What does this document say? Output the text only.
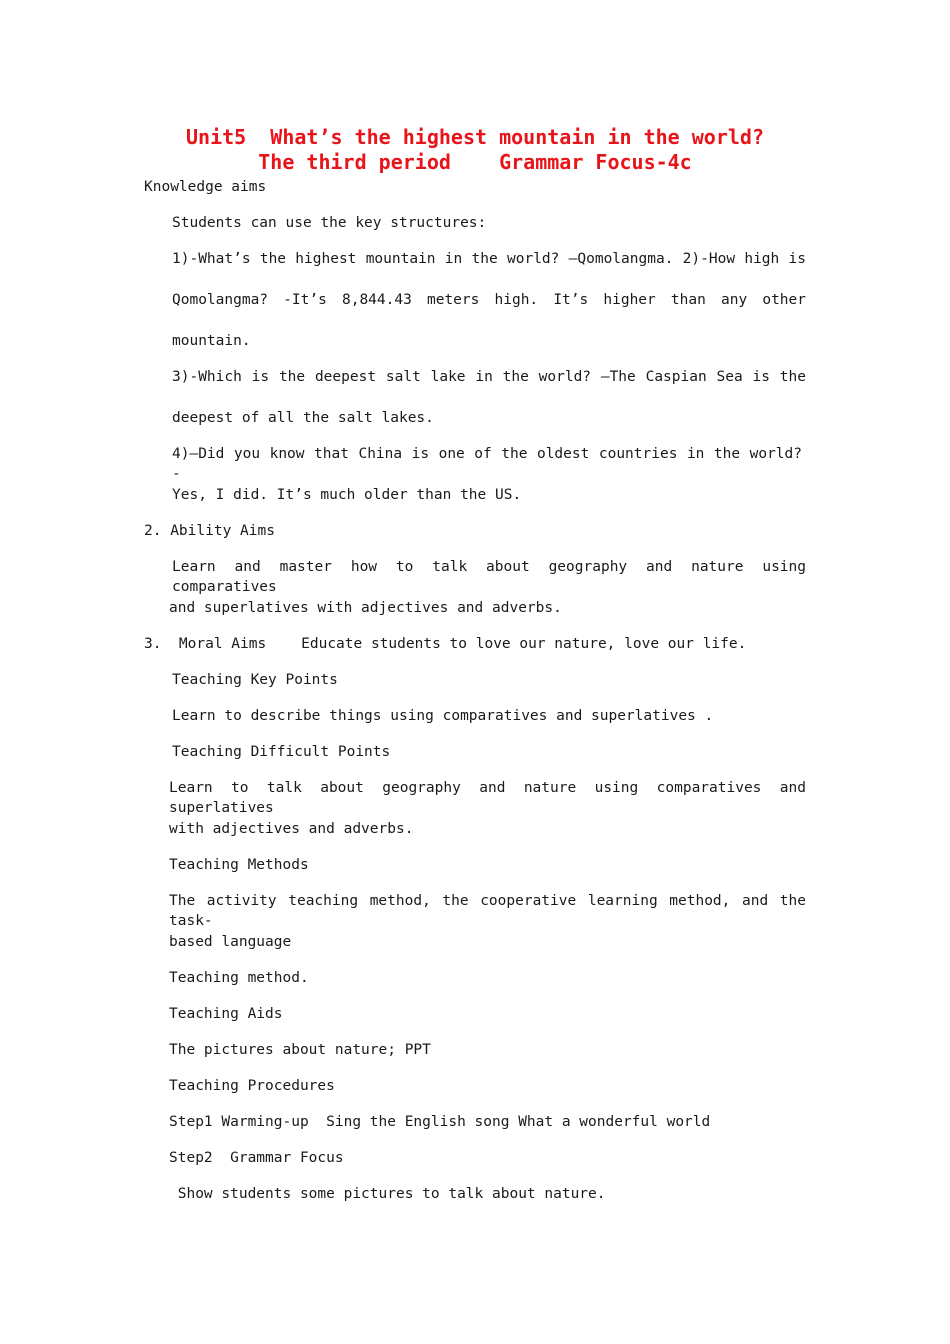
Unit5  What’s the highest mountain in the world?
The third period    Grammar Focus-4c
Knowledge aims
Students can use the key structures:
1)-What’s the highest mountain in the world? –Qomolangma. 2)-How high is
Qomolangma? -It’s 8,844.43 meters high. It’s higher than any other
mountain.
3)-Which is the deepest salt lake in the world? –The Caspian Sea is the
deepest of all the salt lakes.
4)—Did you know that China is one of the oldest countries in the world? -
Yes, I did. It’s much older than the US.
2. Ability Aims
Learn and master how to talk about geography and nature using comparatives
and superlatives with adjectives and adverbs.
3.  Moral Aims    Educate students to love our nature, love our life.
Teaching Key Points
Learn to describe things using comparatives and superlatives .
Teaching Difficult Points
Learn to talk about geography and nature using comparatives and superlatives
with adjectives and adverbs.
Teaching Methods
The activity teaching method, the cooperative learning method, and the task-
based language
Teaching method.
Teaching Aids
The pictures about nature; PPT
Teaching Procedures
Step1 Warming-up  Sing the English song What a wonderful world
Step2  Grammar Focus
Show students some pictures to talk about nature.
